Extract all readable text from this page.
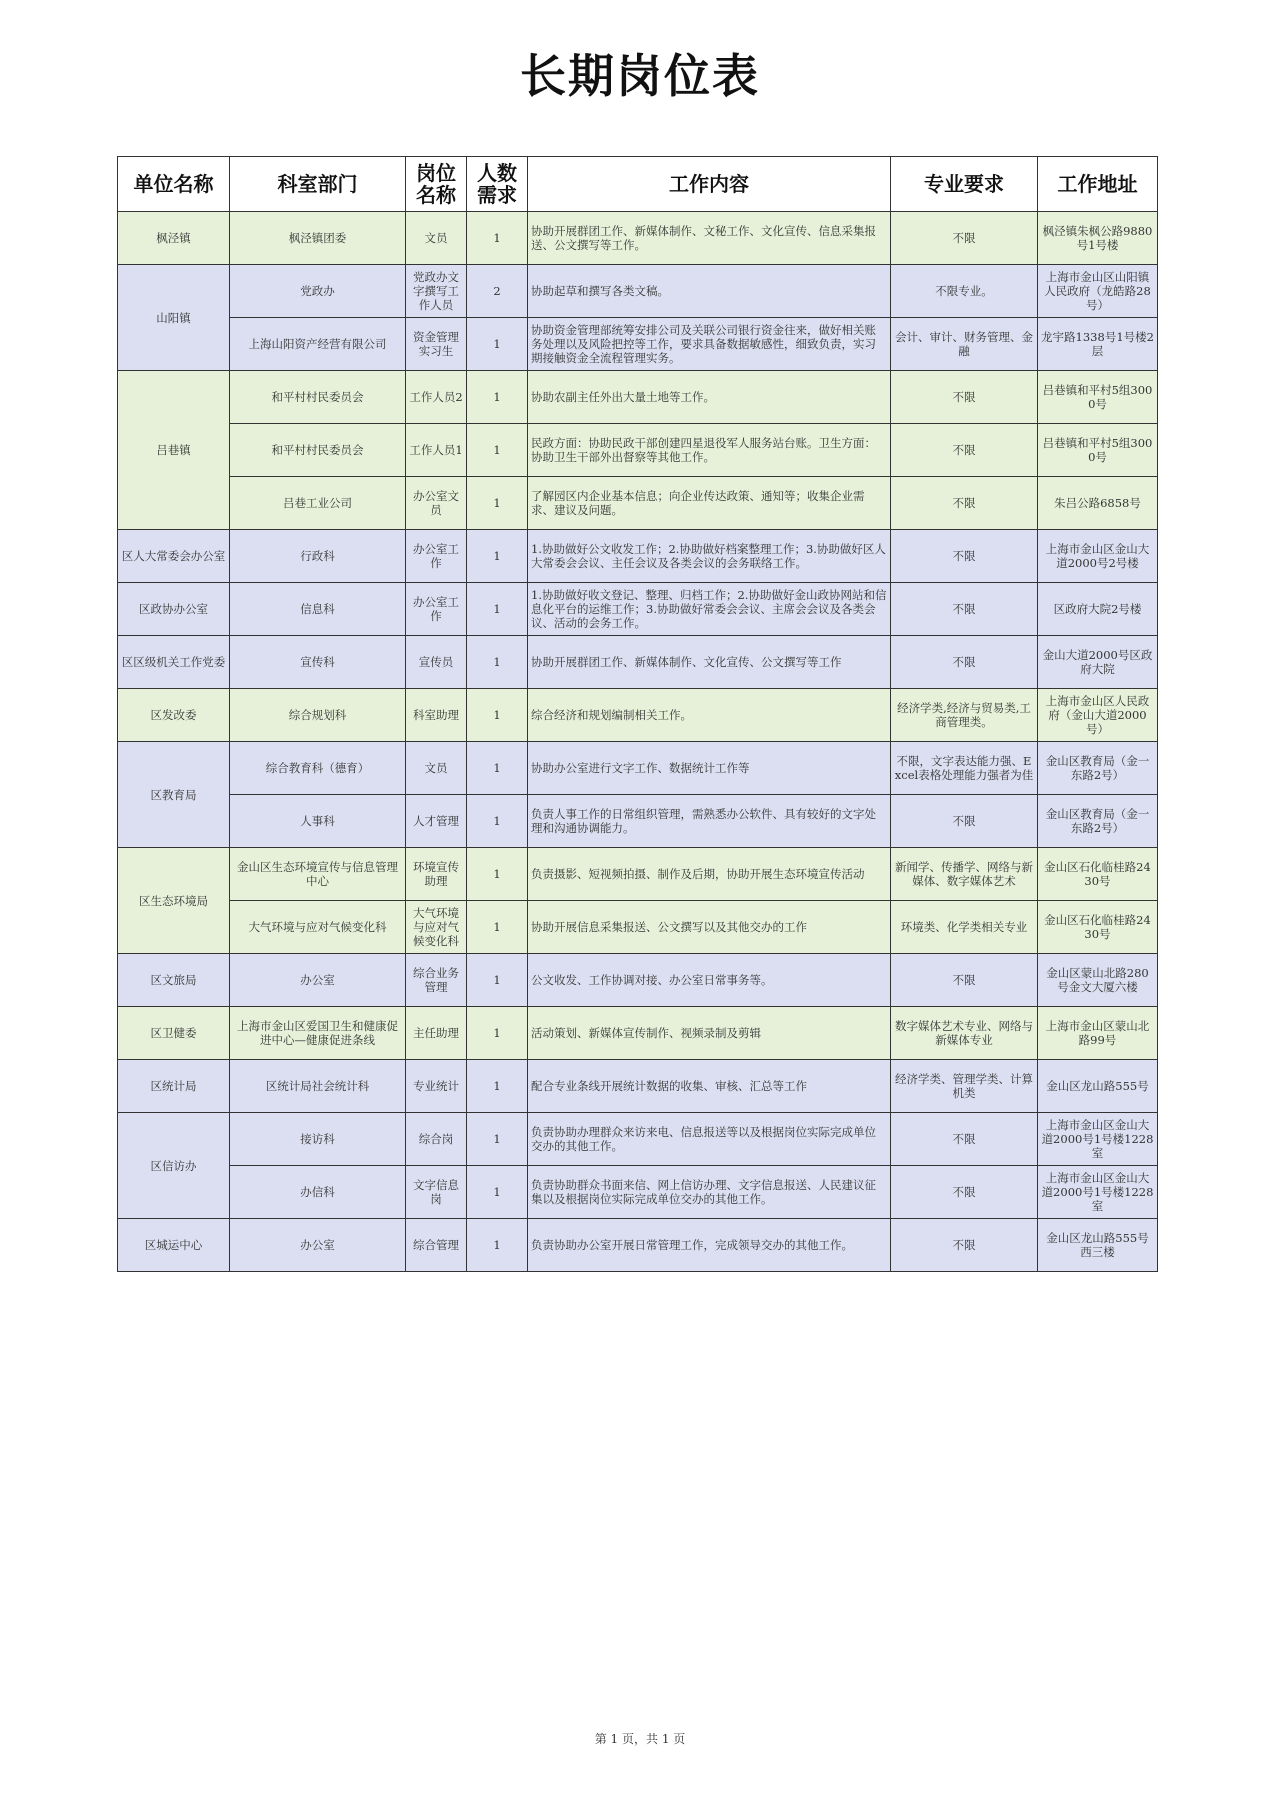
长期岗位表
单位名称	科室部门	岗位名称	人数需求	工作内容	专业要求	工作地址
枫泾镇	枫泾镇团委	文员	1	协助开展群团工作、新媒体制作、文秘工作、文化宣传、信息采集报送、公文撰写等工作。	不限	枫泾镇朱枫公路9880号1号楼
山阳镇	党政办	党政办文字撰写工作人员	2	协助起草和撰写各类文稿。	不限专业。	上海市金山区山阳镇人民政府（龙皓路28号）
	上海山阳资产经营有限公司	资金管理实习生	1	协助资金管理部统筹安排公司及关联公司银行资金往来，做好相关账务处理以及风险把控等工作，要求具备数据敏感性，细致负责，实习期接触资金全流程管理实务。	会计、审计、财务管理、金融	龙宇路1338号1号楼2层
吕巷镇	和平村村民委员会	工作人员2	1	协助农副主任外出大量土地等工作。	不限	吕巷镇和平村5组3000号
	和平村村民委员会	工作人员1	1	民政方面：协助民政干部创建四星退役军人服务站台账。卫生方面：协助卫生干部外出督察等其他工作。	不限	吕巷镇和平村5组3000号
	吕巷工业公司	办公室文员	1	了解园区内企业基本信息；向企业传达政策、通知等；收集企业需求、建议及问题。	不限	朱吕公路6858号
区人大常委会办公室	行政科	办公室工作	1	1.协助做好公文收发工作；2.协助做好档案整理工作；3.协助做好区人大常委会会议、主任会议及各类会议的会务联络工作。	不限	上海市金山区金山大道2000号2号楼
区政协办公室	信息科	办公室工作	1	1.协助做好收文登记、整理、归档工作；2.协助做好金山政协网站和信息化平台的运维工作；3.协助做好常委会会议、主席会会议及各类会议、活动的会务工作。	不限	区政府大院2号楼
区区级机关工作党委	宣传科	宣传员	1	协助开展群团工作、新媒体制作、文化宣传、公文撰写等工作	不限	金山大道2000号区政府大院
区发改委	综合规划科	科室助理	1	综合经济和规划编制相关工作。	经济学类,经济与贸易类,工商管理类。	上海市金山区人民政府（金山大道2000号）
区教育局	综合教育科（德育）	文员	1	协助办公室进行文字工作、数据统计工作等	不限，文字表达能力强、Excel表格处理能力强者为佳	金山区教育局（金一东路2号）
	人事科	人才管理	1	负责人事工作的日常组织管理，需熟悉办公软件、具有较好的文字处理和沟通协调能力。	不限	金山区教育局（金一东路2号）
区生态环境局	金山区生态环境宣传与信息管理中心	环境宣传助理	1	负责摄影、短视频拍摄、制作及后期，协助开展生态环境宣传活动	新闻学、传播学、网络与新媒体、数字媒体艺术	金山区石化临桂路2430号
	大气环境与应对气候变化科	大气环境与应对气候变化科	1	协助开展信息采集报送、公文撰写以及其他交办的工作	环境类、化学类相关专业	金山区石化临桂路2430号
区文旅局	办公室	综合业务管理	1	公文收发、工作协调对接、办公室日常事务等。	不限	金山区蒙山北路280号金文大厦六楼
区卫健委	上海市金山区爱国卫生和健康促进中心—健康促进条线	主任助理	1	活动策划、新媒体宣传制作、视频录制及剪辑	数字媒体艺术专业、网络与新媒体专业	上海市金山区蒙山北路99号
区统计局	区统计局社会统计科	专业统计	1	配合专业条线开展统计数据的收集、审核、汇总等工作	经济学类、管理学类、计算机类	金山区龙山路555号
区信访办	接访科	综合岗	1	负责协助办理群众来访来电、信息报送等以及根据岗位实际完成单位交办的其他工作。	不限	上海市金山区金山大道2000号1号楼1228室
	办信科	文字信息岗	1	负责协助群众书面来信、网上信访办理、文字信息报送、人民建议征集以及根据岗位实际完成单位交办的其他工作。	不限	上海市金山区金山大道2000号1号楼1228室
区城运中心	办公室	综合管理	1	负责协助办公室开展日常管理工作，完成领导交办的其他工作。	不限	金山区龙山路555号西三楼
第 1 页，共 1 页
